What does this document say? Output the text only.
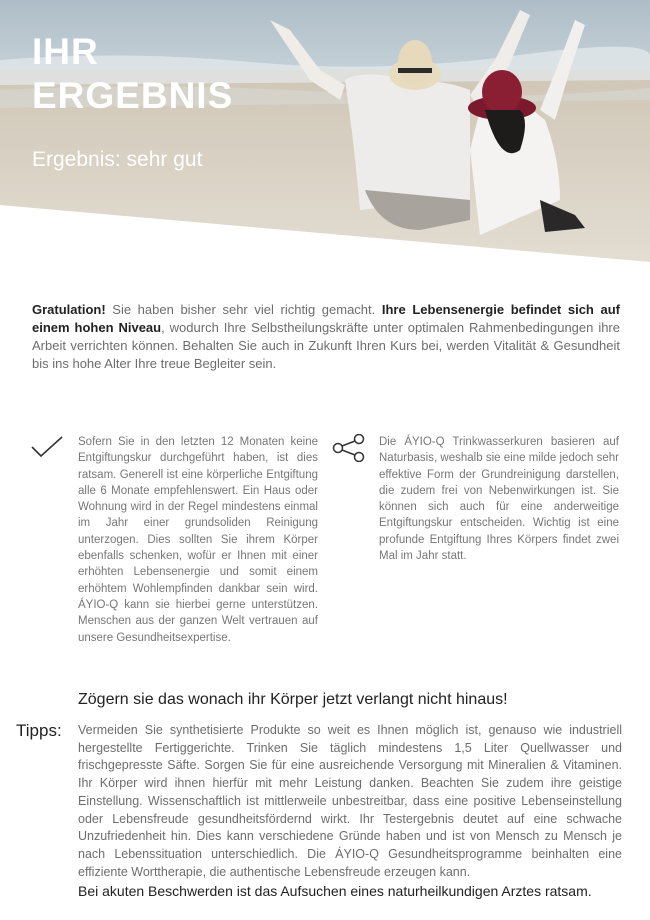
IHR
ERGEBNIS

Ergebnis: sehr gut

Gratulation! Sie haben bisher sehr viel richtig gemacht. Ihre Lebensenergie befindet sich auf einem hohen Niveau, wodurch Ihre Selbstheilungskräfte unter optimalen Rahmenbedingungen ihre Arbeit verrichten können. Behalten Sie auch in Zukunft Ihren Kurs bei, werden Vitalität & Gesundheit bis ins hohe Alter Ihre treue Begleiter sein.

Sofern Sie in den letzten 12 Monaten keine Entgiftungskur durchgeführt haben, ist dies ratsam. Generell ist eine körperliche Entgiftung alle 6 Monate empfehlenswert. Ein Haus oder Wohnung wird in der Regel mindestens einmal im Jahr einer grundsoliden Reinigung unterzogen. Dies sollten Sie ihrem Körper ebenfalls schenken, wofür er Ihnen mit einer erhöhten Lebensenergie und somit einem erhöhtem Wohlempfinden dankbar sein wird. ÁYIO-Q kann sie hierbei gerne unterstützen. Menschen aus der ganzen Welt vertrauen auf unsere Gesundheitsexpertise.

Die ÁYIO-Q Trinkwasserkuren basieren auf Naturbasis, weshalb sie eine milde jedoch sehr effektive Form der Grundreinigung darstellen, die zudem frei von Nebenwirkungen ist. Sie können sich auch für eine anderweitige Entgiftungskur entscheiden. Wichtig ist eine profunde Entgiftung Ihres Körpers findet zwei Mal im Jahr statt.

Zögern sie das wonach ihr Körper jetzt verlangt nicht hinaus!

Tipps: Vermeiden Sie synthetisierte Produkte so weit es Ihnen möglich ist, genauso wie industriell hergestellte Fertiggerichte. Trinken Sie täglich mindestens 1,5 Liter Quellwasser und frischgepresste Säfte. Sorgen Sie für eine ausreichende Versorgung mit Mineralien & Vitaminen. Ihr Körper wird ihnen hierfür mit mehr Leistung danken. Beachten Sie zudem ihre geistige Einstellung. Wissenschaftlich ist mittlerweile unbestreitbar, dass eine positive Lebenseinstellung oder Lebensfreude gesundheitsfördernd wirkt. Ihr Testergebnis deutet auf eine schwache Unzufriedenheit hin. Dies kann verschiedene Gründe haben und ist von Mensch zu Mensch je nach Lebenssituation unterschiedlich. Die ÁYIO-Q Gesundheitsprogramme beinhalten eine effiziente Worttherapie, die authentische Lebensfreude erzeugen kann.

Bei akuten Beschwerden ist das Aufsuchen eines naturheilkundigen Arztes ratsam.
